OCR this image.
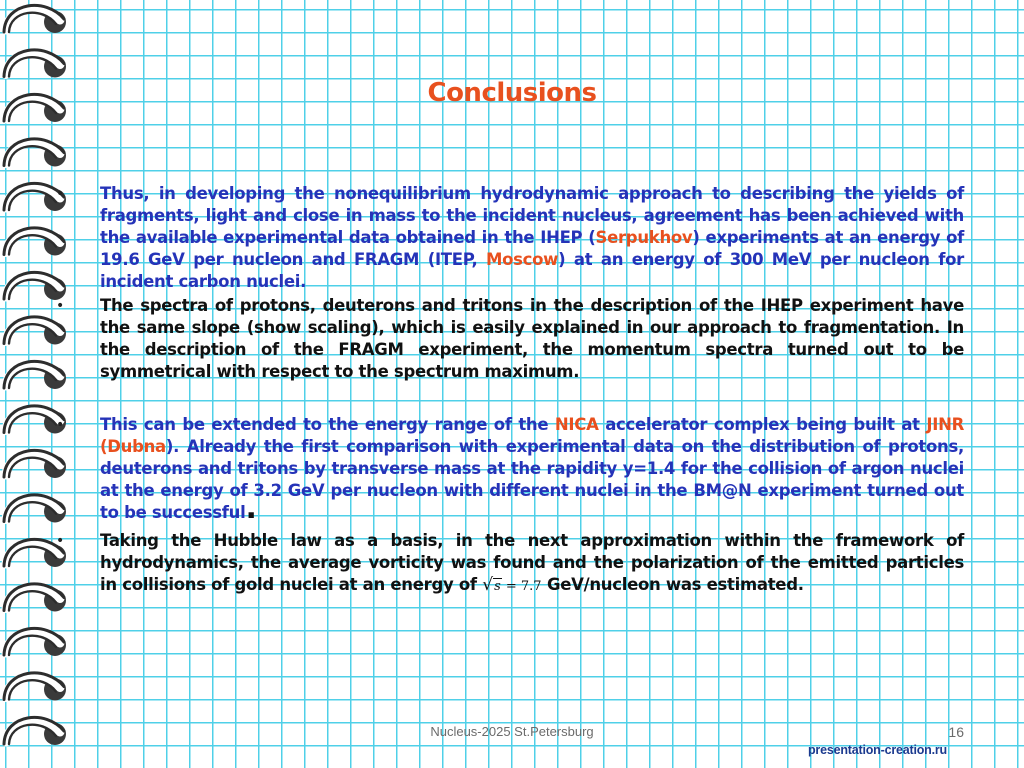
Conclusions
•	Thus, in developing the nonequilibrium hydrodynamic approach to describing the yields of fragments, light and close in mass to the incident nucleus, agreement has been achieved with the available experimental data obtained in the IHEP (Serpukhov) experiments at an energy of 19.6 GeV per nucleon and FRAGM (ITEP, Moscow) at an energy of 300 MeV per nucleon for incident carbon nuclei.
•	The spectra of protons, deuterons and tritons in the description of the IHEP experiment have the same slope (show scaling), which is easily explained in our approach to fragmentation. In the description of the FRAGM experiment, the momentum spectra turned out to be symmetrical with respect to the spectrum maximum.
•	This can be extended to the energy range of the NICA accelerator complex being built at JINR (Dubna). Already the first comparison with experimental data on the distribution of protons, deuterons and tritons by transverse mass at the rapidity y=1.4 for the collision of argon nuclei at the energy of 3.2 GeV per nucleon with different nuclei in the BM@N experiment turned out to be successful.
•	Taking the Hubble law as a basis, in the next approximation within the framework of hydrodynamics, the average vorticity was found and the polarization of the emitted particles in collisions of gold nuclei at an energy of √s = 7.7 GeV/nucleon was estimated.
Nucleus-2025 St.Petersburg	16
presentation-creation.ru
